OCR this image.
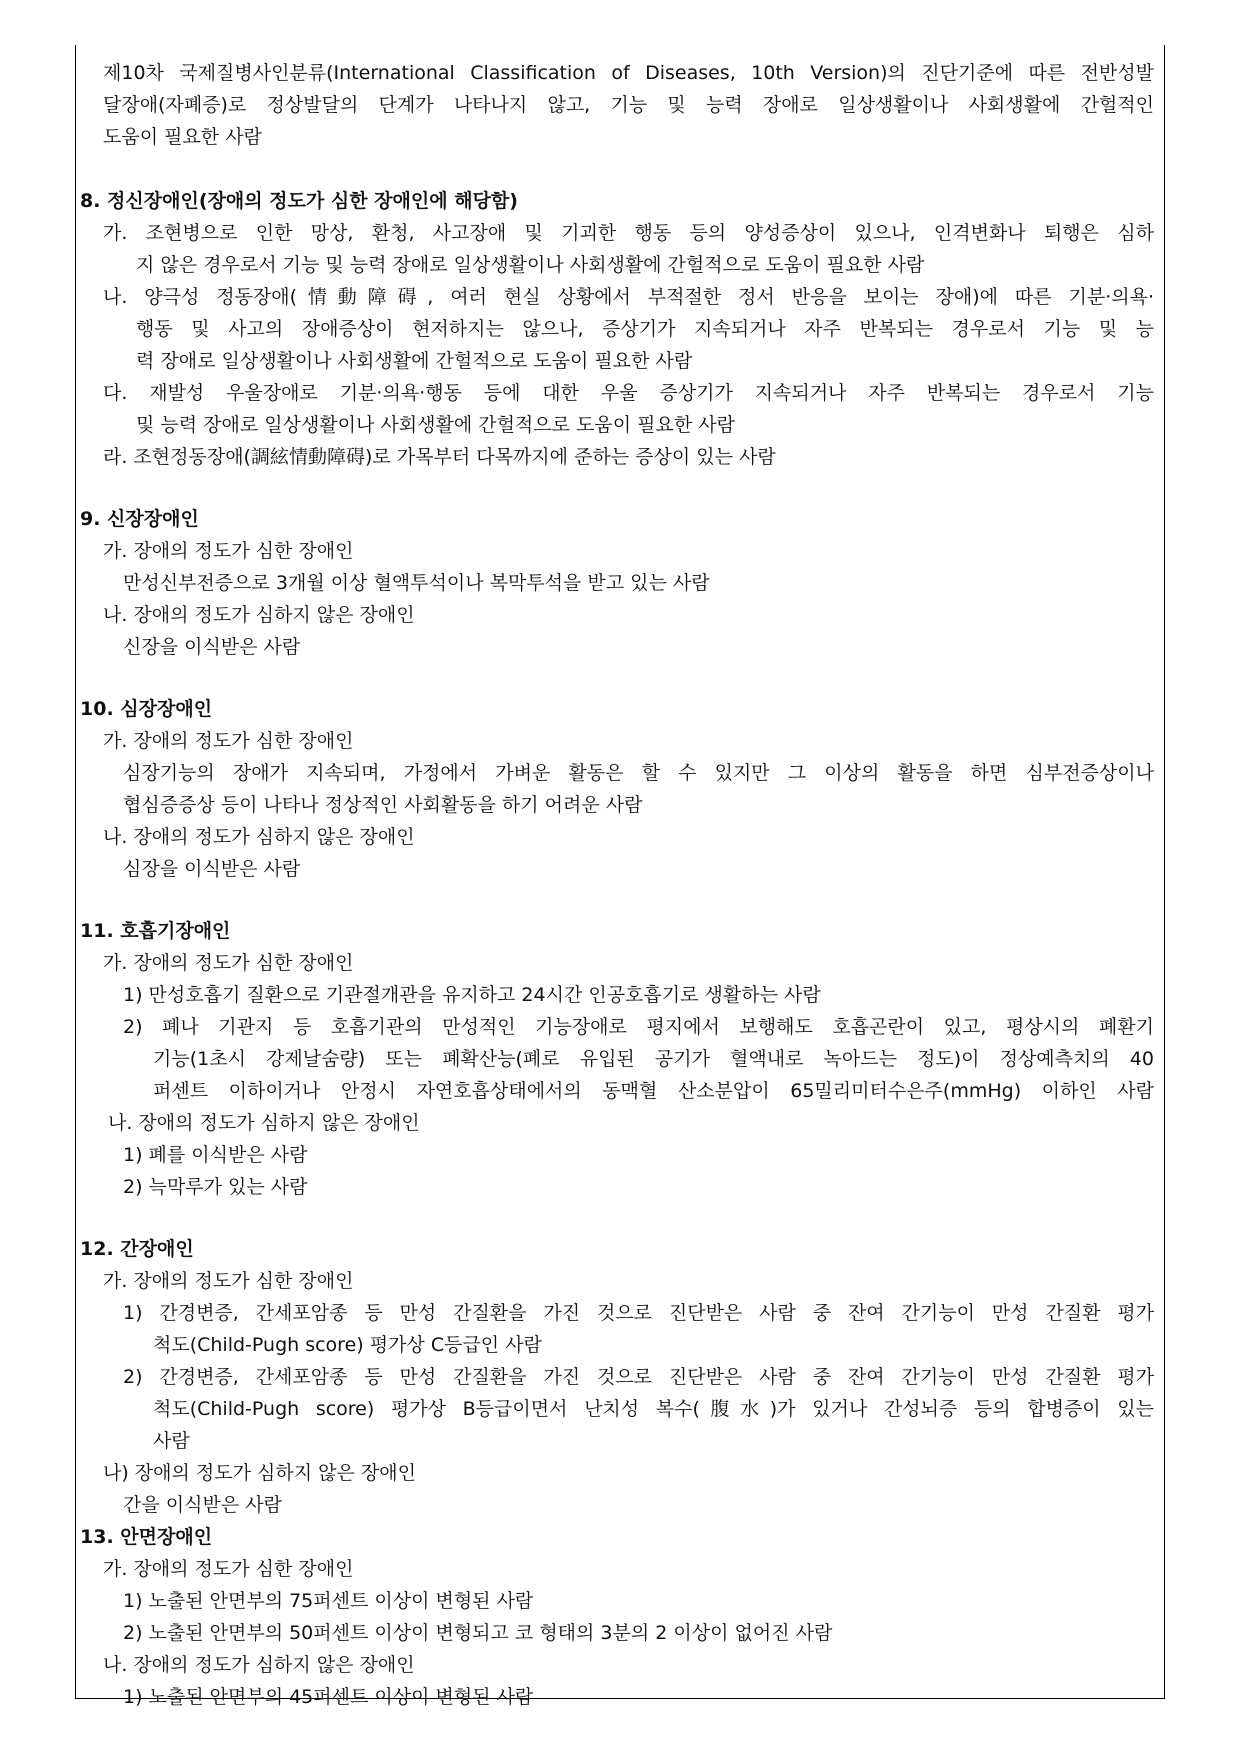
제10차 국제질병사인분류(International Classification of Diseases, 10th Version)의 진단기준에 따른 전반성발
달장애(자폐증)로 정상발달의 단계가 나타나지 않고, 기능 및 능력 장애로 일상생활이나 사회생활에 간헐적인
도움이 필요한 사람
8. 정신장애인(장애의 정도가 심한 장애인에 해당함)
가. 조현병으로 인한 망상, 환청, 사고장애 및 기괴한 행동 등의 양성증상이 있으나, 인격변화나 퇴행은 심하
지 않은 경우로서 기능 및 능력 장애로 일상생활이나 사회생활에 간헐적으로 도움이 필요한 사람
나. 양극성 정동장애(情動障碍, 여러 현실 상황에서 부적절한 정서 반응을 보이는 장애)에 따른 기분·의욕·
행동 및 사고의 장애증상이 현저하지는 않으나, 증상기가 지속되거나 자주 반복되는 경우로서 기능 및 능
력 장애로 일상생활이나 사회생활에 간헐적으로 도움이 필요한 사람
다. 재발성 우울장애로 기분·의욕·행동 등에 대한 우울 증상기가 지속되거나 자주 반복되는 경우로서 기능
및 능력 장애로 일상생활이나 사회생활에 간헐적으로 도움이 필요한 사람
라. 조현정동장애(調絃情動障碍)로 가목부터 다목까지에 준하는 증상이 있는 사람
9. 신장장애인
가. 장애의 정도가 심한 장애인
만성신부전증으로 3개월 이상 혈액투석이나 복막투석을 받고 있는 사람
나. 장애의 정도가 심하지 않은 장애인
신장을 이식받은 사람
10. 심장장애인
가. 장애의 정도가 심한 장애인
심장기능의 장애가 지속되며, 가정에서 가벼운 활동은 할 수 있지만 그 이상의 활동을 하면 심부전증상이나
협심증증상 등이 나타나 정상적인 사회활동을 하기 어려운 사람
나. 장애의 정도가 심하지 않은 장애인
심장을 이식받은 사람
11. 호흡기장애인
가. 장애의 정도가 심한 장애인
1) 만성호흡기 질환으로 기관절개관을 유지하고 24시간 인공호흡기로 생활하는 사람
2) 폐나 기관지 등 호흡기관의 만성적인 기능장애로 평지에서 보행해도 호흡곤란이 있고, 평상시의 폐환기
기능(1초시 강제날숨량) 또는 폐확산능(폐로 유입된 공기가 혈액내로 녹아드는 정도)이 정상예측치의 40
퍼센트 이하이거나 안정시 자연호흡상태에서의 동맥혈 산소분압이 65밀리미터수은주(mmHg) 이하인 사람
나. 장애의 정도가 심하지 않은 장애인
1) 폐를 이식받은 사람
2) 늑막루가 있는 사람
12. 간장애인
가. 장애의 정도가 심한 장애인
1) 간경변증, 간세포암종 등 만성 간질환을 가진 것으로 진단받은 사람 중 잔여 간기능이 만성 간질환 평가
척도(Child-Pugh score) 평가상 C등급인 사람
2) 간경변증, 간세포암종 등 만성 간질환을 가진 것으로 진단받은 사람 중 잔여 간기능이 만성 간질환 평가
척도(Child-Pugh score) 평가상 B등급이면서 난치성 복수(腹水)가 있거나 간성뇌증 등의 합병증이 있는
사람
나) 장애의 정도가 심하지 않은 장애인
간을 이식받은 사람
13. 안면장애인
가. 장애의 정도가 심한 장애인
1) 노출된 안면부의 75퍼센트 이상이 변형된 사람
2) 노출된 안면부의 50퍼센트 이상이 변형되고 코 형태의 3분의 2 이상이 없어진 사람
나. 장애의 정도가 심하지 않은 장애인
1) 노출된 안면부의 45퍼센트 이상이 변형된 사람
